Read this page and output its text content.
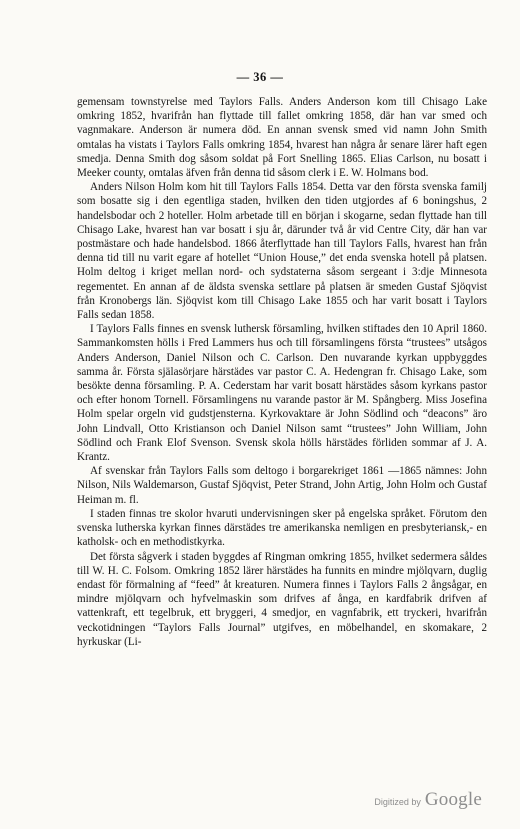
— 36 —

gemensam townstyrelse med Taylors Falls. Anders Anderson kom till Chisago Lake omkring 1852, hvarifrån han flyttade till fallet omkring 1858, där han var smed och vagnmakare. Anderson är numera död. En annan svensk smed vid namn John Smith omtalas ha vistats i Taylors Falls omkring 1854, hvarest han några år senare lärer haft egen smedja. Denna Smith dog såsom soldat på Fort Snelling 1865. Elias Carlson, nu bosatt i Meeker county, omtalas äfven från denna tid såsom clerk i E. W. Holmans bod.

Anders Nilson Holm kom hit till Taylors Falls 1854. Detta var den första svenska familj som bosatte sig i den egentliga staden, hvilken den tiden utgjordes af 6 boningshus, 2 handelsbodar och 2 hoteller. Holm arbetade till en början i skogarne, sedan flyttade han till Chisago Lake, hvarest han var bosatt i sju år, därunder två år vid Centre City, där han var postmästare och hade handelsbod. 1866 återflyttade han till Taylors Falls, hvarest han från denna tid till nu varit egare af hotellet “Union House,” det enda svenska hotell på platsen. Holm deltog i kriget mellan nord- och sydstaterna såsom sergeant i 3:dje Minnesota regementet. En annan af de äldsta svenska settlare på platsen är smeden Gustaf Sjöqvist från Kronobergs län. Sjöqvist kom till Chisago Lake 1855 och har varit bosatt i Taylors Falls sedan 1858.

I Taylors Falls finnes en svensk luthersk församling, hvilken stiftades den 10 April 1860. Sammankomsten hölls i Fred Lammers hus och till församlingens första “trustees” utsågos Anders Anderson, Daniel Nilson och C. Carlson. Den nuvarande kyrkan uppbyggdes samma år. Första själasörjare härstädes var pastor C. A. Hedengran fr. Chisago Lake, som besökte denna församling. P. A. Cederstam har varit bosatt härstädes såsom kyrkans pastor och efter honom Tornell. Församlingens nu varande pastor är M. Spångberg. Miss Josefina Holm spelar orgeln vid gudstjensterna. Kyrkovaktare är John Södlind och “deacons” äro John Lindvall, Otto Kristianson och Daniel Nilson samt “trustees” John William, John Södlind och Frank Elof Svenson. Svensk skola hölls härstädes förliden sommar af J. A. Krantz.

Af svenskar från Taylors Falls som deltogo i borgarekriget 1861 —1865 nämnes: John Nilson, Nils Waldemarson, Gustaf Sjöqvist, Peter Strand, John Artig, John Holm och Gustaf Heiman m. fl.

I staden finnas tre skolor hvaruti undervisningen sker på engelska språket. Förutom den svenska lutherska kyrkan finnes därstädes tre amerikanska nemligen en presbyteriansk,- en katholsk- och en methodistkyrka.

Det första sågverk i staden byggdes af Ringman omkring 1855, hvilket sedermera såldes till W. H. C. Folsom. Omkring 1852 lärer härstädes ha funnits en mindre mjölqvarn, duglig endast för förmalning af “feed” åt kreaturen. Numera finnes i Taylors Falls 2 ångsågar, en mindre mjölqvarn och hyfvelmaskin som drifves af ånga, en kardfabrik drifven af vattenkraft, ett tegelbruk, ett bryggeri, 4 smedjor, en vagnfabrik, ett tryckeri, hvarifrån veckotidningen “Taylors Falls Journal” utgifves, en möbelhandel, en skomakare, 2 hyrkuskar (Li-

Digitized by Google
